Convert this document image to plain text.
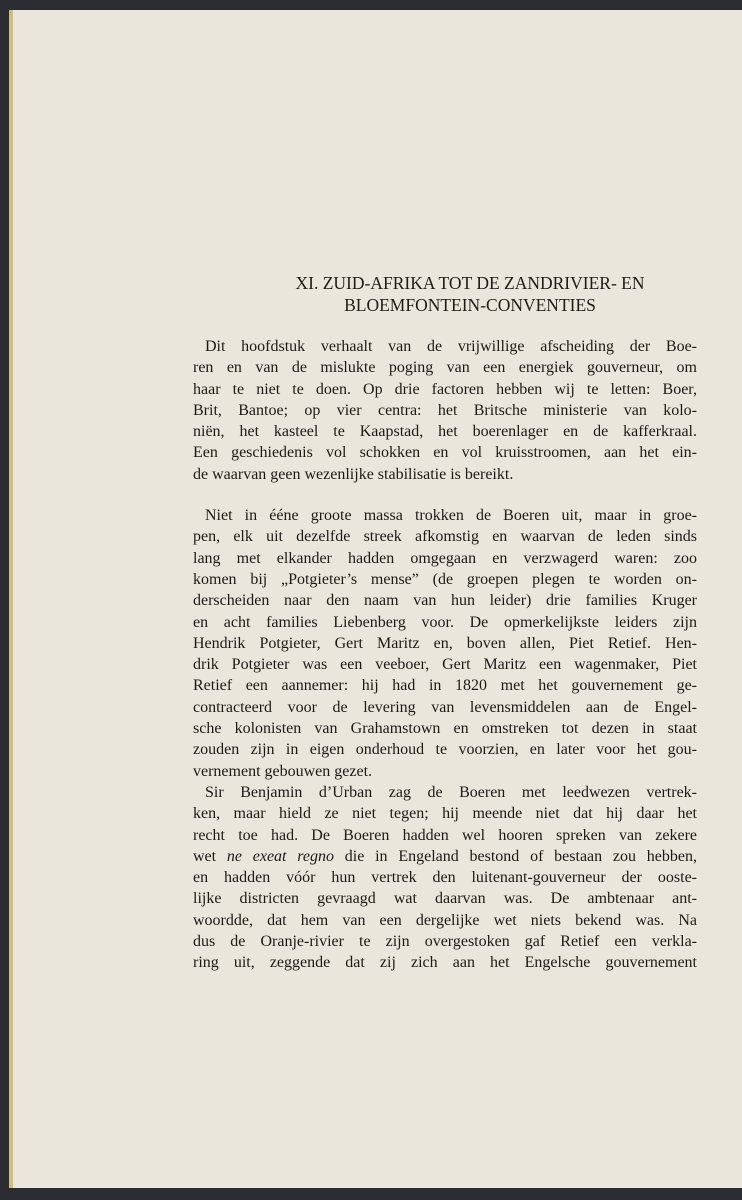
XI. ZUID-AFRIKA TOT DE ZANDRIVIER- EN
BLOEMFONTEIN-CONVENTIES
Dit hoofdstuk verhaalt van de vrijwillige afscheiding der Boe-
ren en van de mislukte poging van een energiek gouverneur, om
haar te niet te doen. Op drie factoren hebben wij te letten: Boer,
Brit, Bantoe; op vier centra: het Britsche ministerie van kolo-
niën, het kasteel te Kaapstad, het boerenlager en de kafferkraal.
Een geschiedenis vol schokken en vol kruisstroomen, aan het ein-
de waarvan geen wezenlijke stabilisatie is bereikt.
Niet in éénе groote massa trokken de Boeren uit, maar in groe-
pen, elk uit dezelfde streek afkomstig en waarvan de leden sinds
lang met elkander hadden omgegaan en verzwagerd waren: zoo
komen bij „Potgieter’s mense” (de groepen plegen te worden on-
derscheiden naar den naam van hun leider) drie families Kruger
en acht families Liebenberg voor. De opmerkelijkste leiders zijn
Hendrik Potgieter, Gert Maritz en, boven allen, Piet Retief. Hen-
drik Potgieter was een veeboer, Gert Maritz een wagenmaker, Piet
Retief een aannemer: hij had in 1820 met het gouvernement ge-
contracteerd voor de levering van levensmiddelen aan de Engel-
sche kolonisten van Grahamstown en omstreken tot dezen in staat
zouden zijn in eigen onderhoud te voorzien, en later voor het gou-
vernement gebouwen gezet.
Sir Benjamin d’Urban zag de Boeren met leedwezen vertrek-
ken, maar hield ze niet tegen; hij meende niet dat hij daar het
recht toe had. De Boeren hadden wel hooren spreken van zekere
wet ne exeat regno die in Engeland bestond of bestaan zou hebben,
en hadden vóór hun vertrek den luitenant-gouverneur der ooste-
lijke districten gevraagd wat daarvan was. De ambtenaar ant-
woordde, dat hem van een dergelijke wet niets bekend was. Na
dus de Oranje-rivier te zijn overgestoken gaf Retief een verkla-
ring uit, zeggende dat zij zich aan het Engelsche gouvernement
